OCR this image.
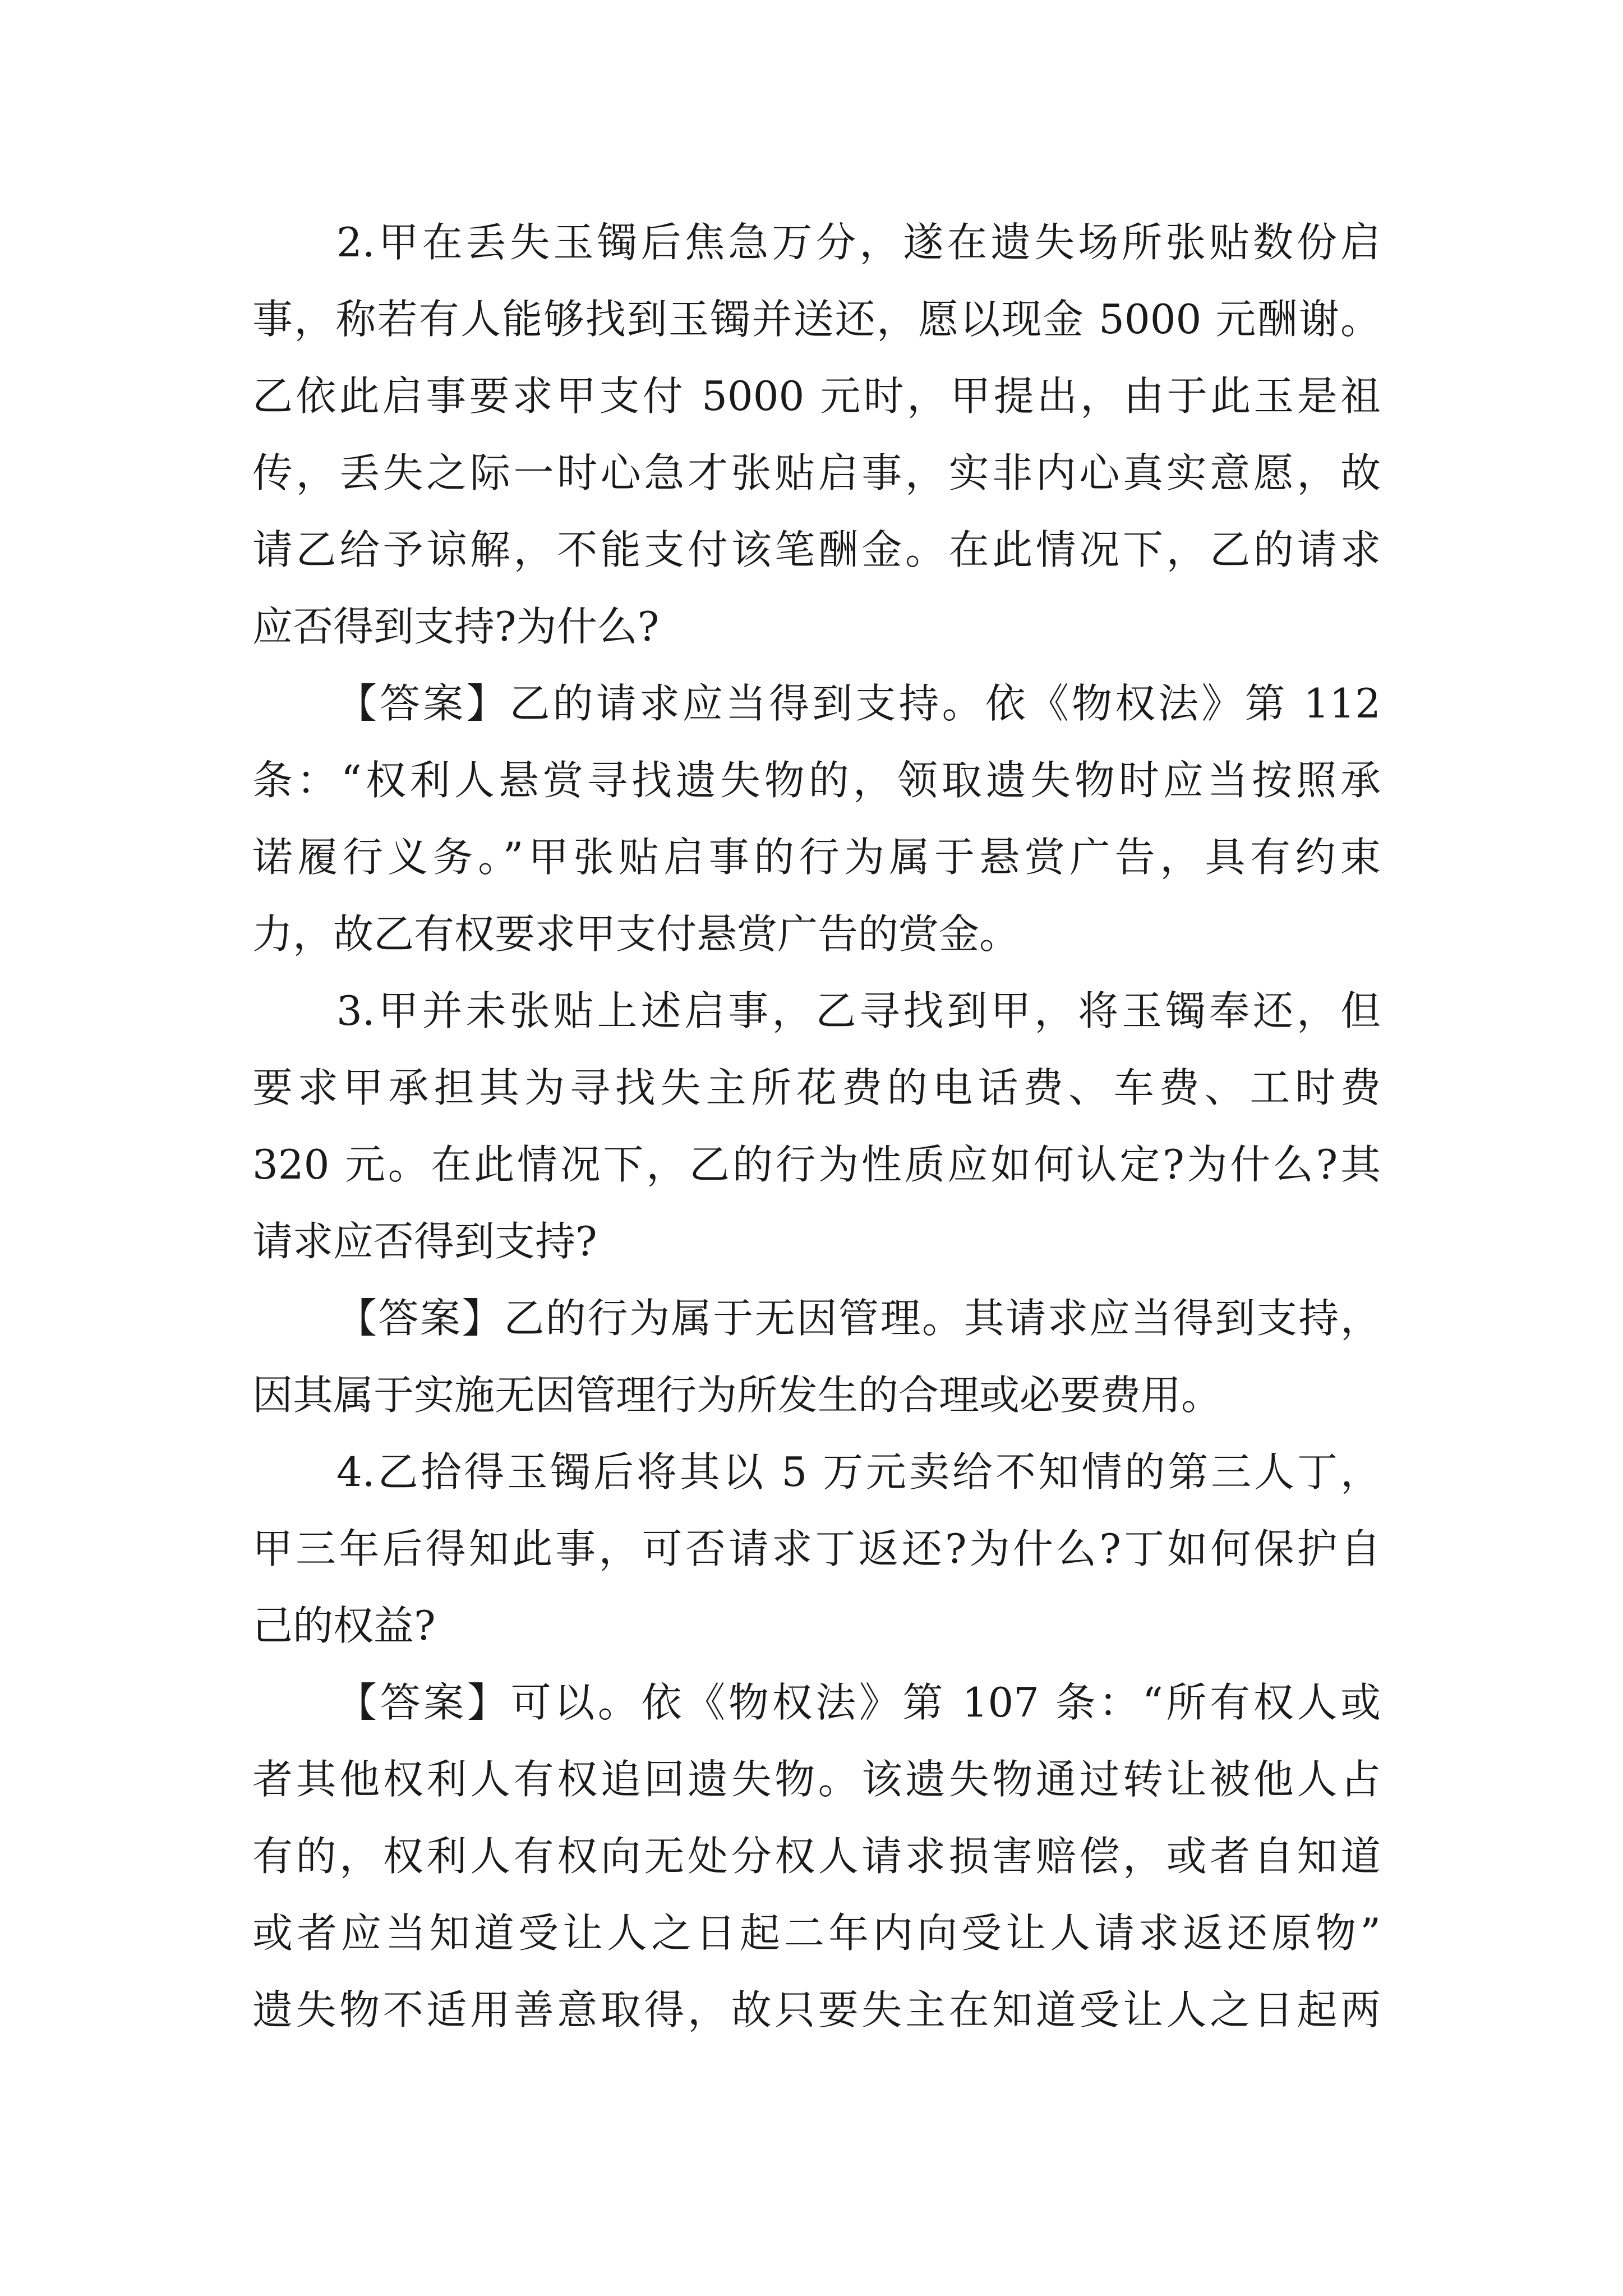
2.甲在丢失玉镯后焦急万分，遂在遗失场所张贴数份启
事，称若有人能够找到玉镯并送还，愿以现金 5000 元酬谢。
乙依此启事要求甲支付 5000 元时，甲提出，由于此玉是祖
传，丢失之际一时心急才张贴启事，实非内心真实意愿，故
请乙给予谅解，不能支付该笔酬金。在此情况下，乙的请求
应否得到支持?为什么?
【答案】乙的请求应当得到支持。依《物权法》第 112
条：“权利人悬赏寻找遗失物的，领取遗失物时应当按照承
诺履行义务。”甲张贴启事的行为属于悬赏广告，具有约束
力，故乙有权要求甲支付悬赏广告的赏金。
3.甲并未张贴上述启事，乙寻找到甲，将玉镯奉还，但
要求甲承担其为寻找失主所花费的电话费、车费、工时费
320 元。在此情况下，乙的行为性质应如何认定?为什么?其
请求应否得到支持?
【答案】乙的行为属于无因管理。其请求应当得到支持，
因其属于实施无因管理行为所发生的合理或必要费用。
4.乙拾得玉镯后将其以 5 万元卖给不知情的第三人丁，
甲三年后得知此事，可否请求丁返还?为什么?丁如何保护自
己的权益?
【答案】可以。依《物权法》第 107 条：“所有权人或
者其他权利人有权追回遗失物。该遗失物通过转让被他人占
有的，权利人有权向无处分权人请求损害赔偿，或者自知道
或者应当知道受让人之日起二年内向受让人请求返还原物”
遗失物不适用善意取得，故只要失主在知道受让人之日起两
